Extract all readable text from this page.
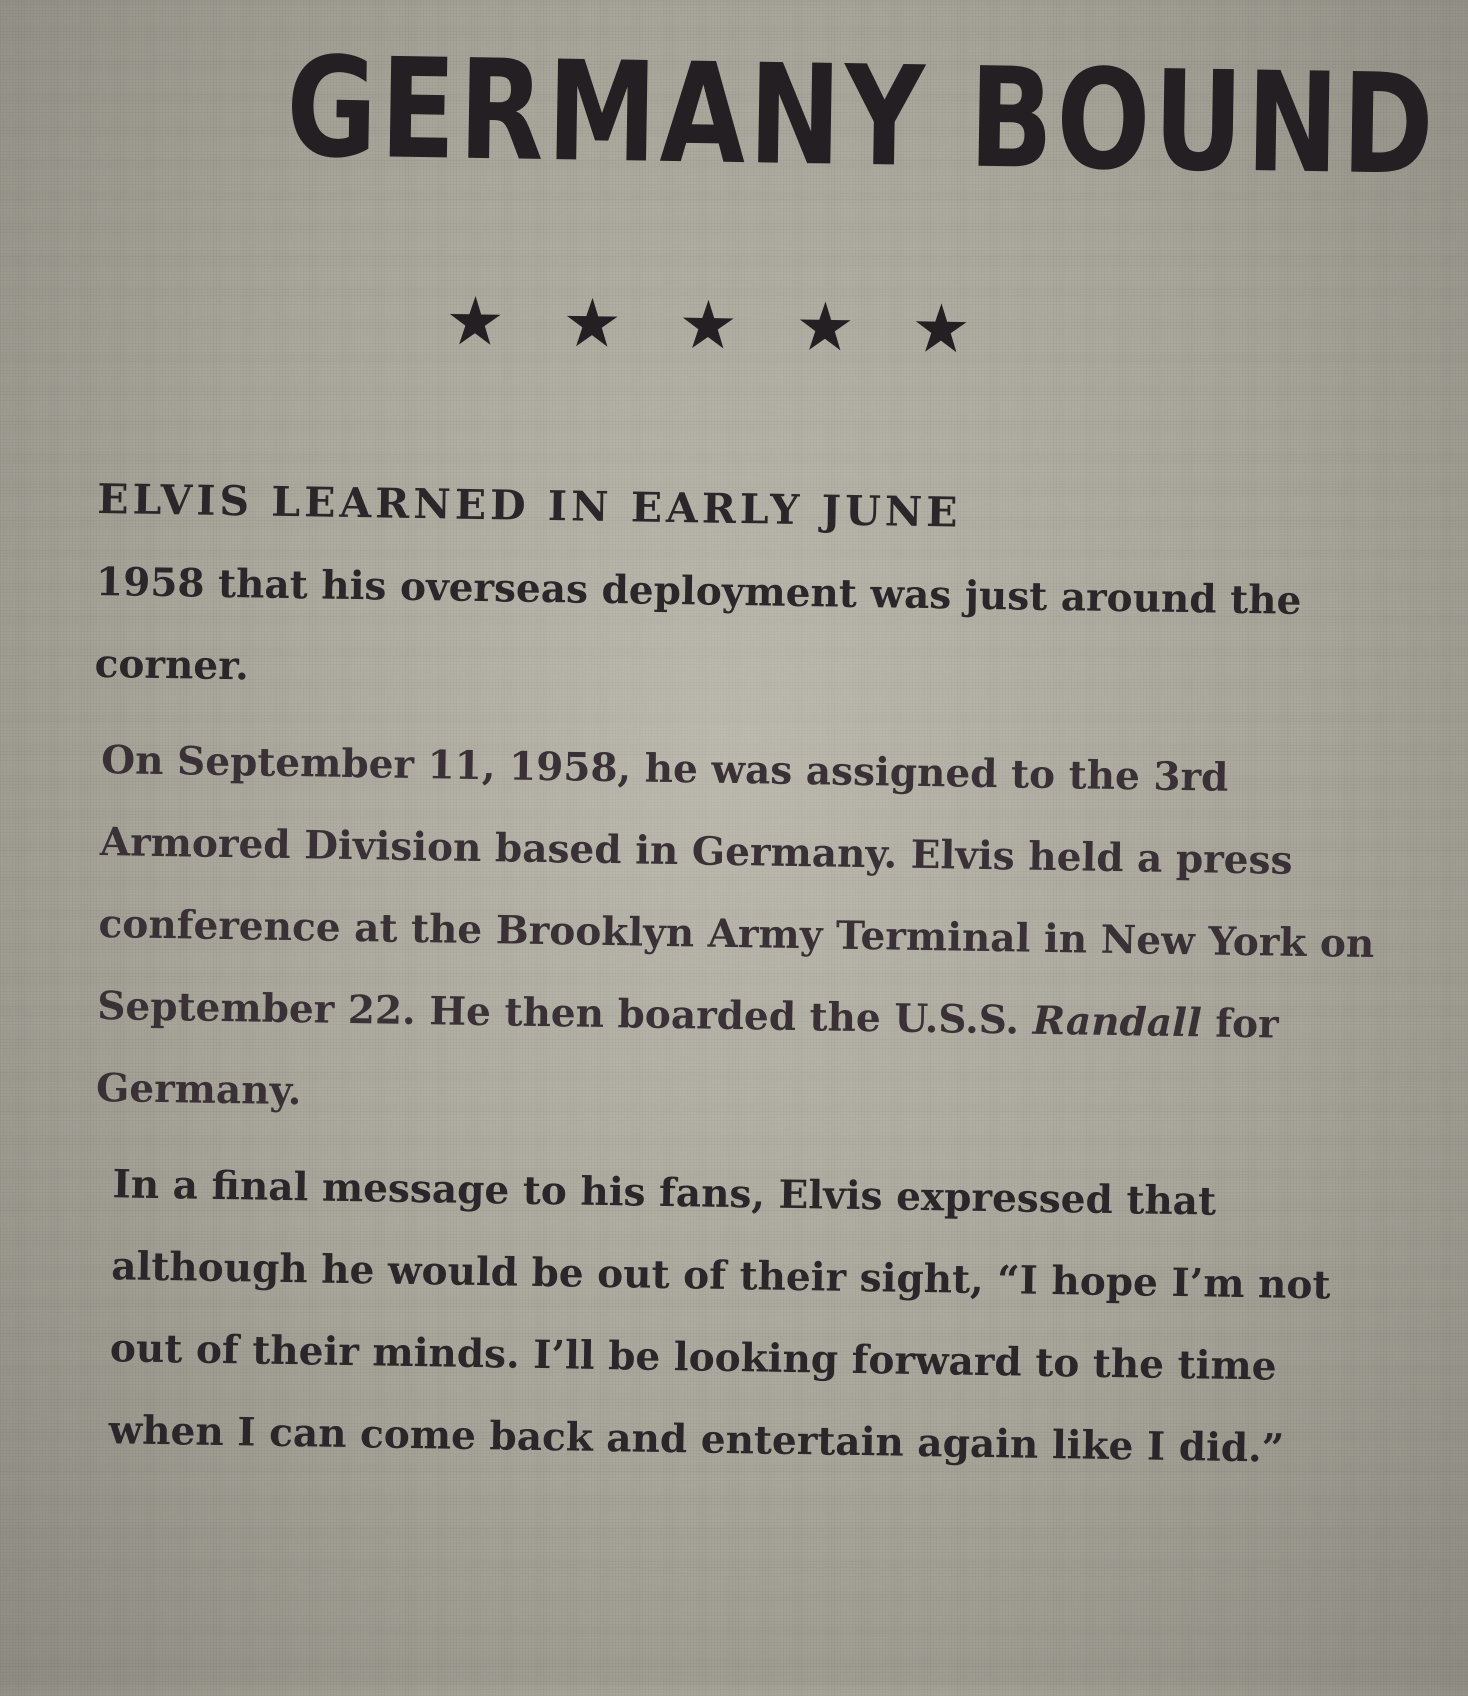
GERMANY BOUND

ELVIS LEARNED IN EARLY JUNE
1958 that his overseas deployment was just around the corner.

On September 11, 1958, he was assigned to the 3rd Armored Division based in Germany. Elvis held a press conference at the Brooklyn Army Terminal in New York on September 22. He then boarded the U.S.S. Randall for Germany.

In a final message to his fans, Elvis expressed that although he would be out of their sight, “I hope I’m not out of their minds. I’ll be looking forward to the time when I can come back and entertain again like I did.”
